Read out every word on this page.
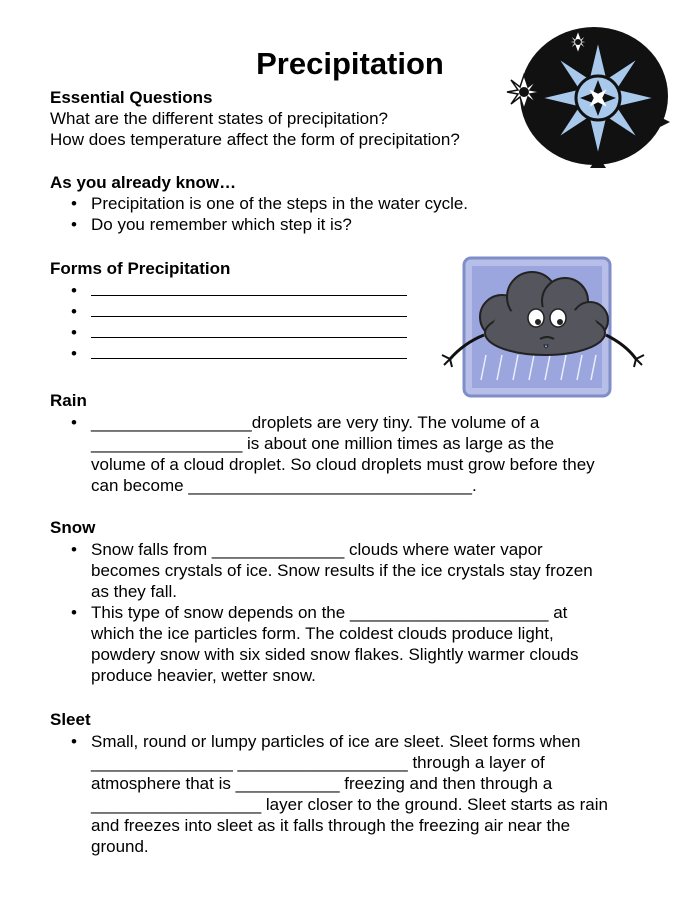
Precipitation
Essential Questions

What are the different states of precipitation?

How does temperature affect the form of precipitation?

As you already know…
• Precipitation is one of the steps in the water cycle.
• Do you remember which step it is?
Forms of Precipitation
•
•
•
•
Rain
• _________________droplets are very tiny. The volume of a
________________ is about one million times as large as the
volume of a cloud droplet. So cloud droplets must grow before they
can become ______________________________.
Snow
• Snow falls from ______________ clouds where water vapor
becomes crystals of ice. Snow results if the ice crystals stay frozen
as they fall.
• This type of snow depends on the _____________________ at
which the ice particles form. The coldest clouds produce light,
powdery snow with six sided snow flakes. Slightly warmer clouds
produce heavier, wetter snow.
Sleet
• Small, round or lumpy particles of ice are sleet. Sleet forms when
_______________ __________________ through a layer of
atmosphere that is ___________ freezing and then through a
__________________ layer closer to the ground. Sleet starts as rain
and freezes into sleet as it falls through the freezing air near the
ground.
